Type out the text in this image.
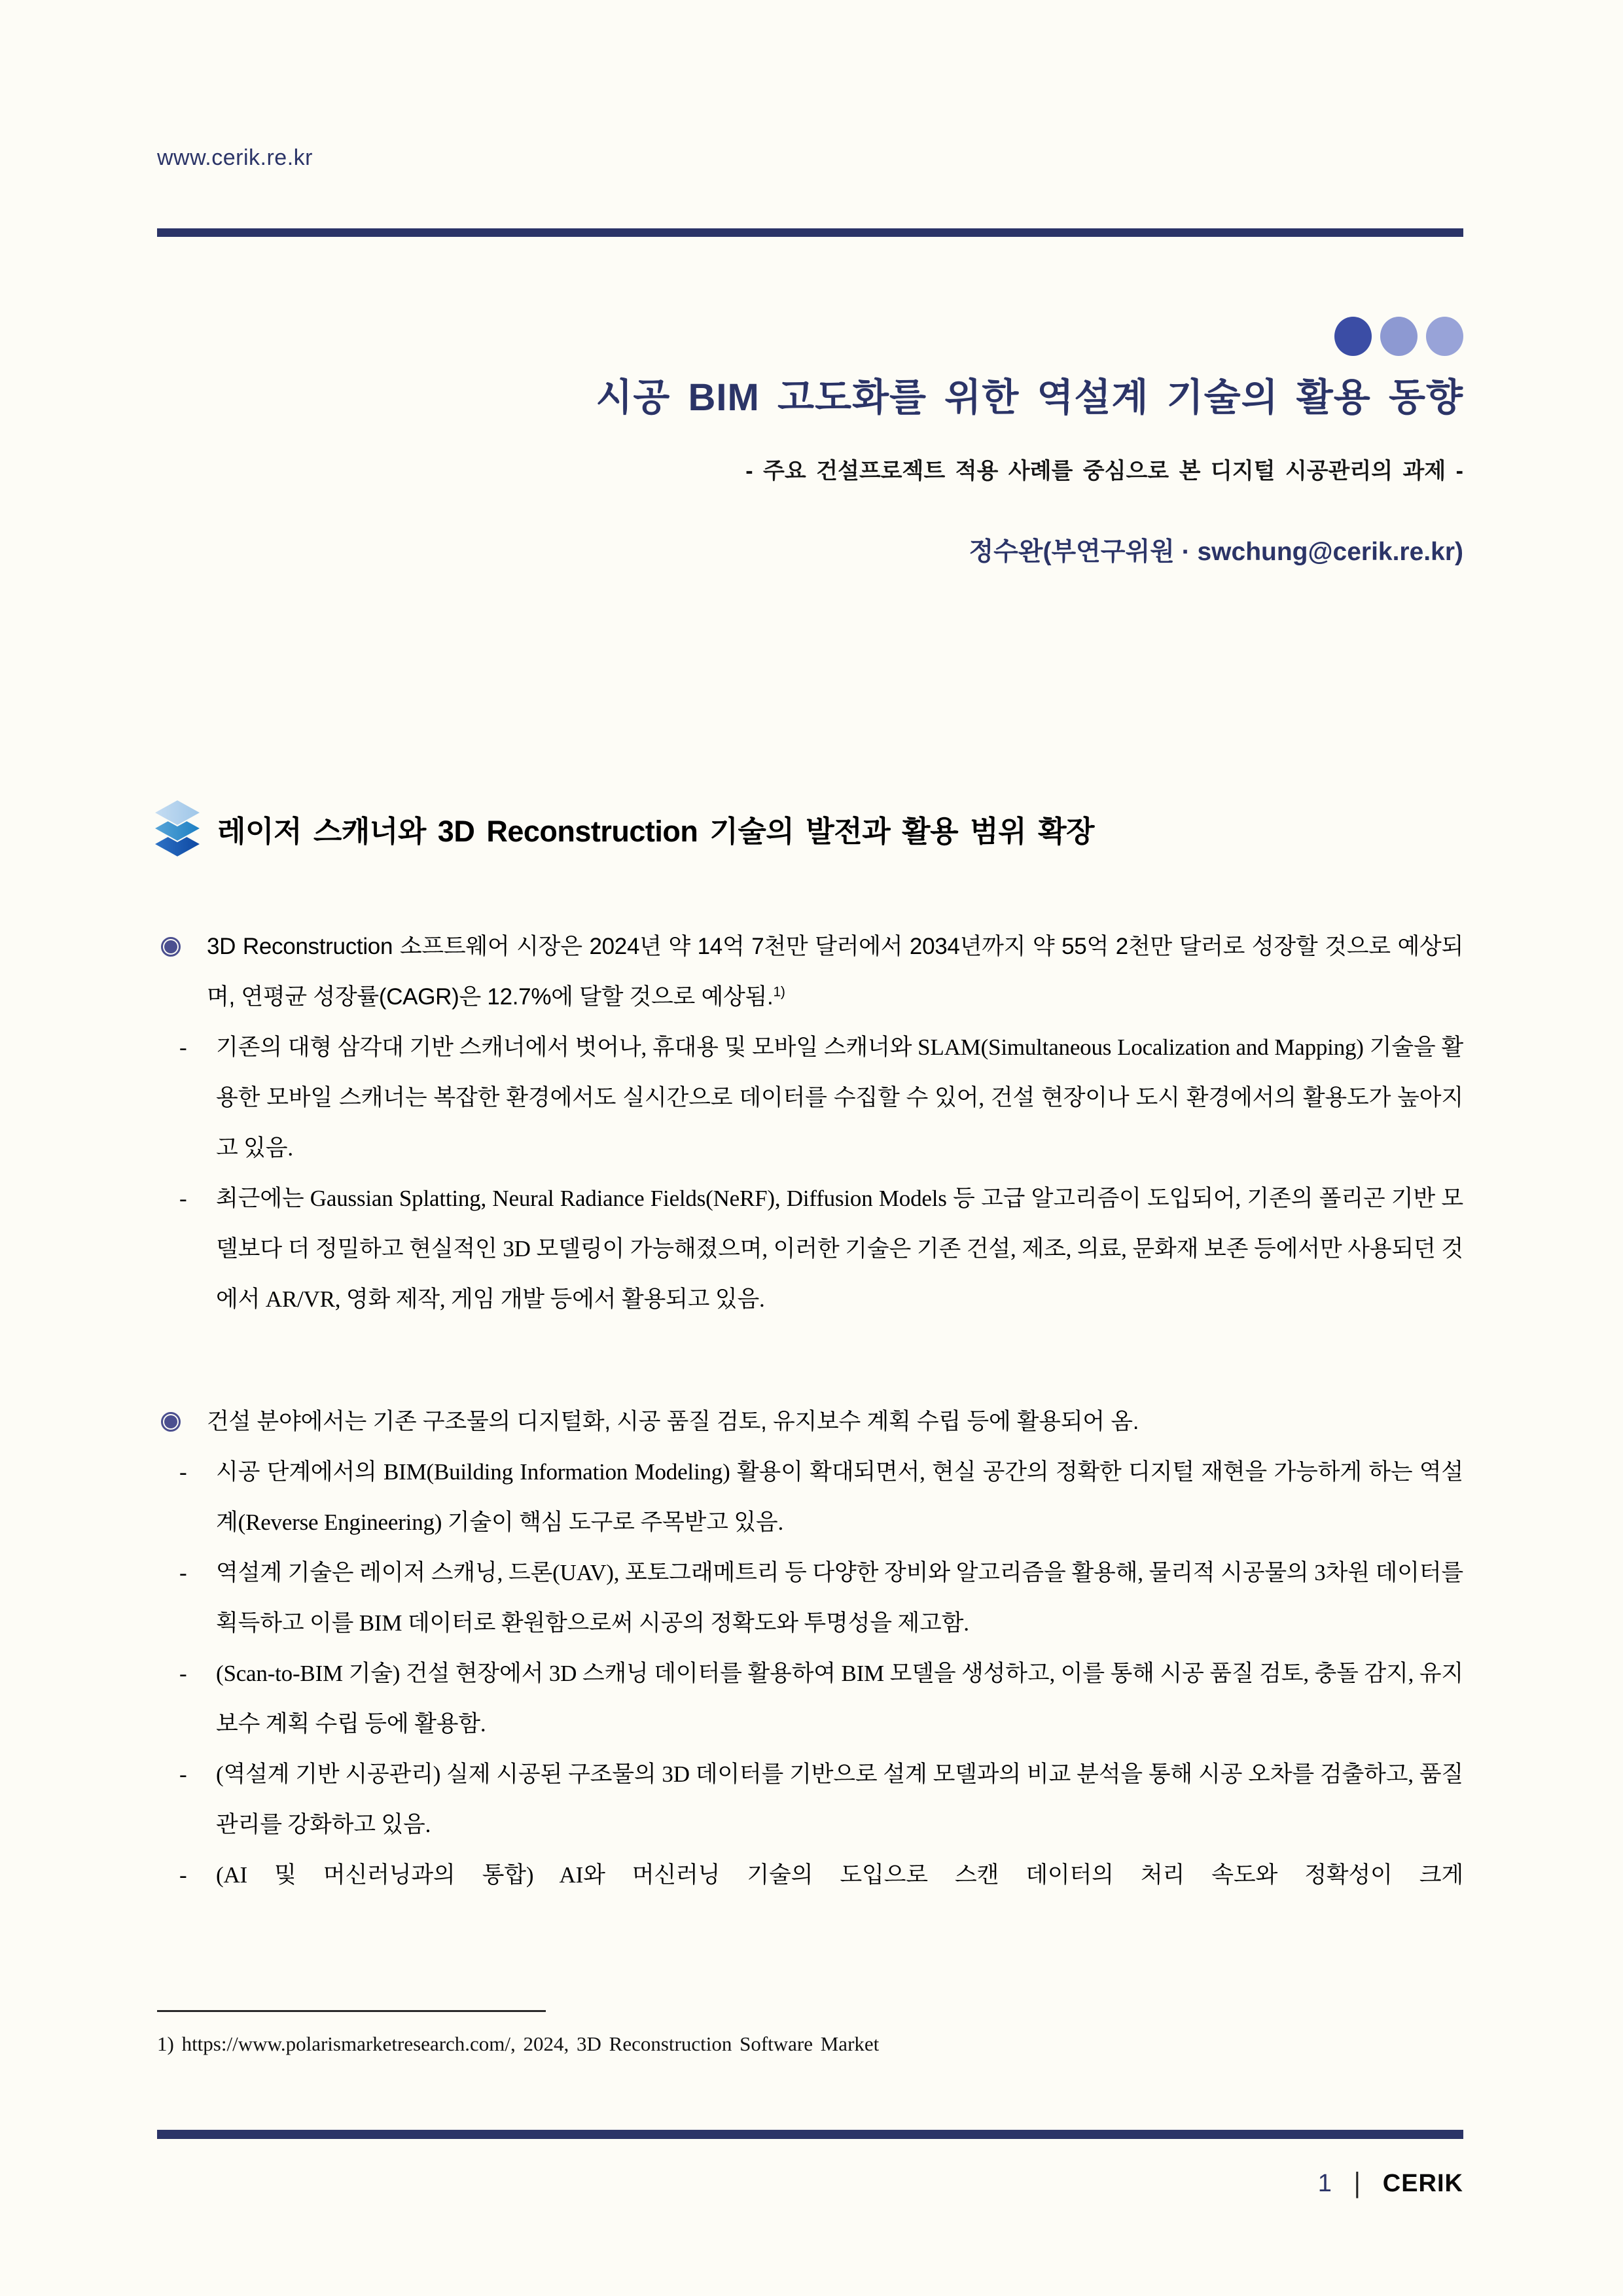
www.cerik.re.kr
시공 BIM 고도화를 위한 역설계 기술의 활용 동향
- 주요 건설프로젝트 적용 사례를 중심으로 본 디지털 시공관리의 과제 -
정수완(부연구위원 · swchung@cerik.re.kr)
레이저 스캐너와 3D Reconstruction 기술의 발전과 활용 범위 확장
3D Reconstruction 소프트웨어 시장은 2024년 약 14억 7천만 달러에서 2034년까지 약 55억 2천만 달러로 성장할 것으로 예상되며, 연평균 성장률(CAGR)은 12.7%에 달할 것으로 예상됨.$^{1)}$
- 기존의 대형 삼각대 기반 스캐너에서 벗어나, 휴대용 및 모바일 스캐너와 SLAM(Simultaneous Localization and Mapping) 기술을 활용한 모바일 스캐너는 복잡한 환경에서도 실시간으로 데이터를 수집할 수 있어, 건설 현장이나 도시 환경에서의 활용도가 높아지고 있음.
- 최근에는 Gaussian Splatting, Neural Radiance Fields(NeRF), Diffusion Models 등 고급 알고리즘이 도입되어, 기존의 폴리곤 기반 모델보다 더 정밀하고 현실적인 3D 모델링이 가능해졌으며, 이러한 기술은 기존 건설, 제조, 의료, 문화재 보존 등에서만 사용되던 것에서 AR/VR, 영화 제작, 게임 개발 등에서 활용되고 있음.
건설 분야에서는 기존 구조물의 디지털화, 시공 품질 검토, 유지보수 계획 수립 등에 활용되어 옴.
- 시공 단계에서의 BIM(Building Information Modeling) 활용이 확대되면서, 현실 공간의 정확한 디지털 재현을 가능하게 하는 역설계(Reverse Engineering) 기술이 핵심 도구로 주목받고 있음.
- 역설계 기술은 레이저 스캐닝, 드론(UAV), 포토그래메트리 등 다양한 장비와 알고리즘을 활용해, 물리적 시공물의 3차원 데이터를 획득하고 이를 BIM 데이터로 환원함으로써 시공의 정확도와 투명성을 제고함.
- (Scan-to-BIM 기술) 건설 현장에서 3D 스캐닝 데이터를 활용하여 BIM 모델을 생성하고, 이를 통해 시공 품질 검토, 충돌 감지, 유지보수 계획 수립 등에 활용함.
- (역설계 기반 시공관리) 실제 시공된 구조물의 3D 데이터를 기반으로 설계 모델과의 비교 분석을 통해 시공 오차를 검출하고, 품질 관리를 강화하고 있음.
- (AI 및 머신러닝과의 통합) AI와 머신러닝 기술의 도입으로 스캔 데이터의 처리 속도와 정확성이 크게
1) https://www.polarismarketresearch.com/, 2024, 3D Reconstruction Software Market
1 | CERIK
